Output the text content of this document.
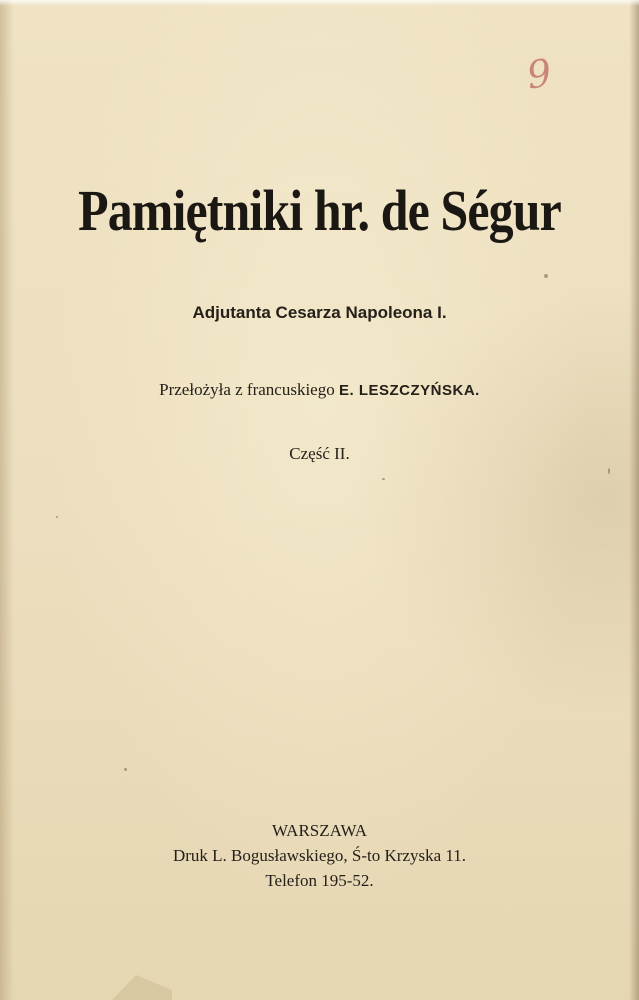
9
Pamiętniki hr. de Ségur
Adjutanta Cesarza Napoleona I.
Przełożyła z francuskiego E. LESZCZYŃSKA.
Część II.
WARSZAWA
Druk L. Bogusławskiego, Ś-to Krzyska 11.
Telefon 195-52.
